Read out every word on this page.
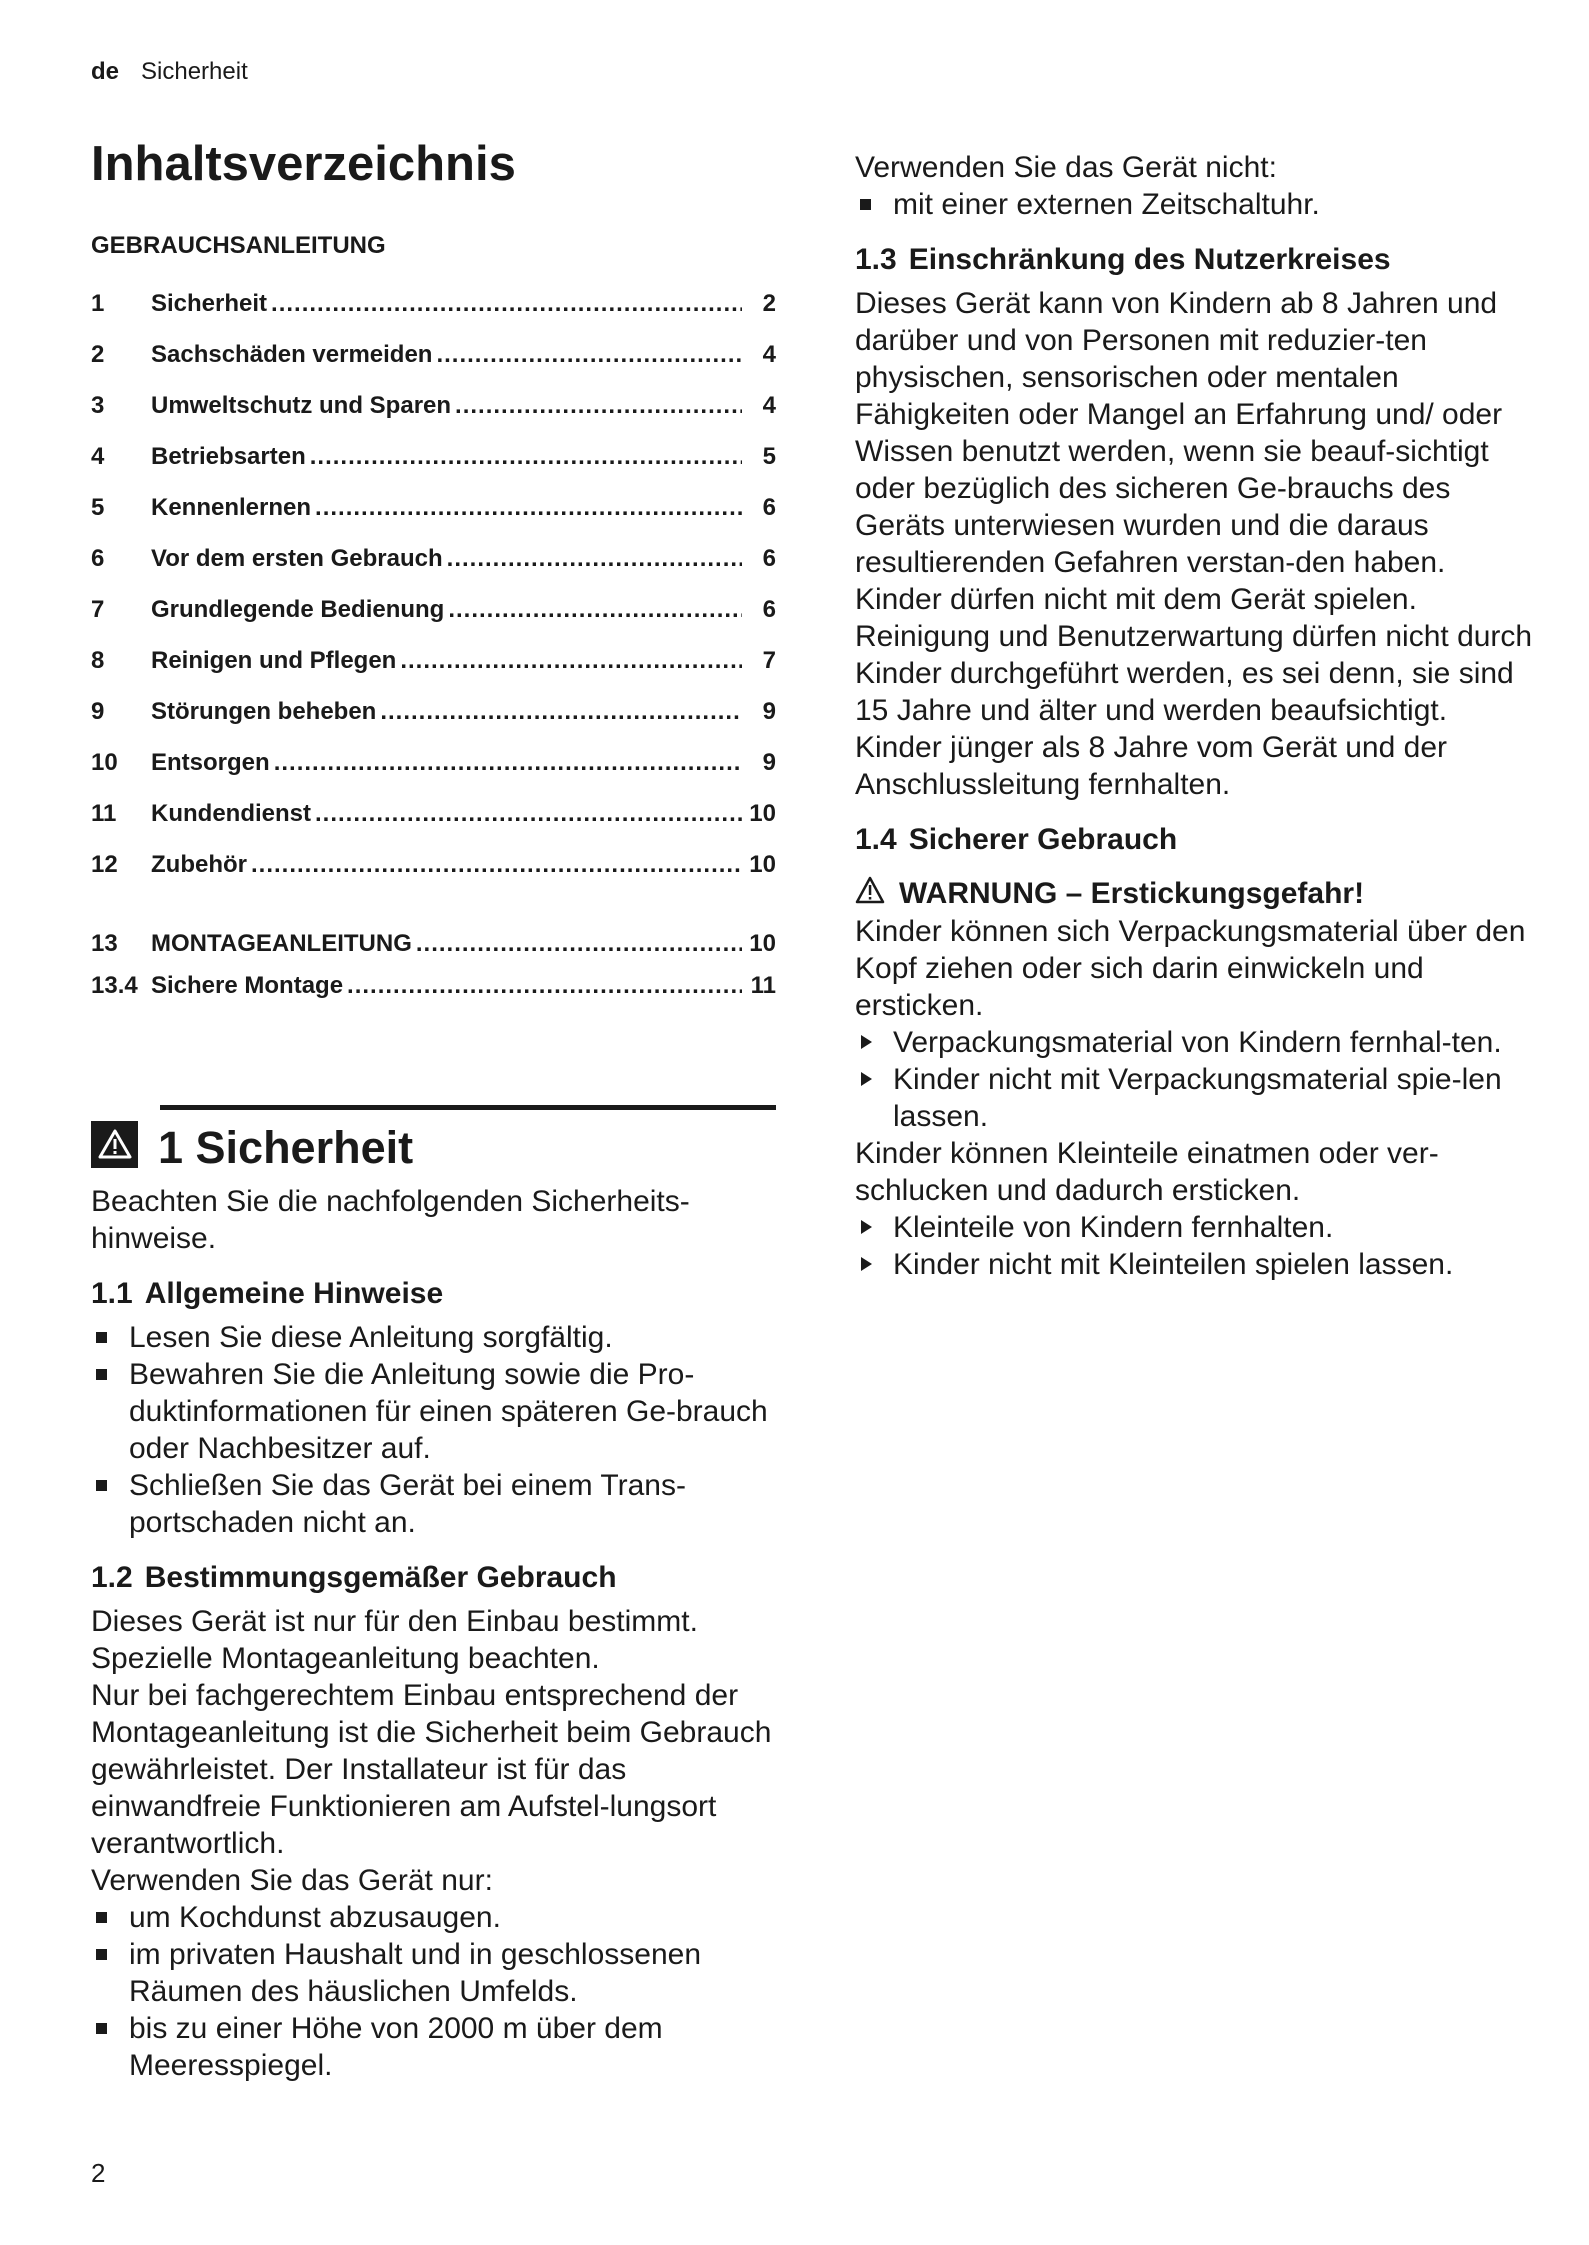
de Sicherheit
Inhaltsverzeichnis
GEBRAUCHSANLEITUNG
1	Sicherheit .....	2
2	Sachschäden vermeiden .....	4
3	Umweltschutz und Sparen .....	4
4	Betriebsarten .....	5
5	Kennenlernen .....	6
6	Vor dem ersten Gebrauch .....	6
7	Grundlegende Bedienung .....	6
8	Reinigen und Pflegen .....	7
9	Störungen beheben .....	9
10	Entsorgen .....	9
11	Kundendienst .....	10
12	Zubehör .....	10
13	MONTAGEANLEITUNG .....	10
13.4 Sichere Montage .....	11
1 Sicherheit
Beachten Sie die nachfolgenden Sicherheits-hinweise.
1.1 Allgemeine Hinweise
Lesen Sie diese Anleitung sorgfältig.
Bewahren Sie die Anleitung sowie die Pro-duktinformationen für einen späteren Ge-brauch oder Nachbesitzer auf.
Schließen Sie das Gerät bei einem Trans-portschaden nicht an.
1.2 Bestimmungsgemäßer Gebrauch
Dieses Gerät ist nur für den Einbau bestimmt. Spezielle Montageanleitung beachten.
Nur bei fachgerechtem Einbau entsprechend der Montageanleitung ist die Sicherheit beim Gebrauch gewährleistet. Der Installateur ist für das einwandfreie Funktionieren am Aufstel-lungsort verantwortlich.
Verwenden Sie das Gerät nur:
um Kochdunst abzusaugen.
im privaten Haushalt und in geschlossenen Räumen des häuslichen Umfelds.
bis zu einer Höhe von 2000 m über dem Meeresspiegel.
Verwenden Sie das Gerät nicht:
mit einer externen Zeitschaltuhr.
1.3 Einschränkung des Nutzerkreises
Dieses Gerät kann von Kindern ab 8 Jahren und darüber und von Personen mit reduzier-ten physischen, sensorischen oder mentalen Fähigkeiten oder Mangel an Erfahrung und/ oder Wissen benutzt werden, wenn sie beauf-sichtigt oder bezüglich des sicheren Ge-brauchs des Geräts unterwiesen wurden und die daraus resultierenden Gefahren verstan-den haben.
Kinder dürfen nicht mit dem Gerät spielen.
Reinigung und Benutzerwartung dürfen nicht durch Kinder durchgeführt werden, es sei denn, sie sind 15 Jahre und älter und werden beaufsichtigt.
Kinder jünger als 8 Jahre vom Gerät und der Anschlussleitung fernhalten.
1.4 Sicherer Gebrauch
WARNUNG – Erstickungsgefahr!
Kinder können sich Verpackungsmaterial über den Kopf ziehen oder sich darin einwickeln und ersticken.
Verpackungsmaterial von Kindern fernhal-ten.
Kinder nicht mit Verpackungsmaterial spie-len lassen.
Kinder können Kleinteile einatmen oder ver-schlucken und dadurch ersticken.
Kleinteile von Kindern fernhalten.
Kinder nicht mit Kleinteilen spielen lassen.
2
